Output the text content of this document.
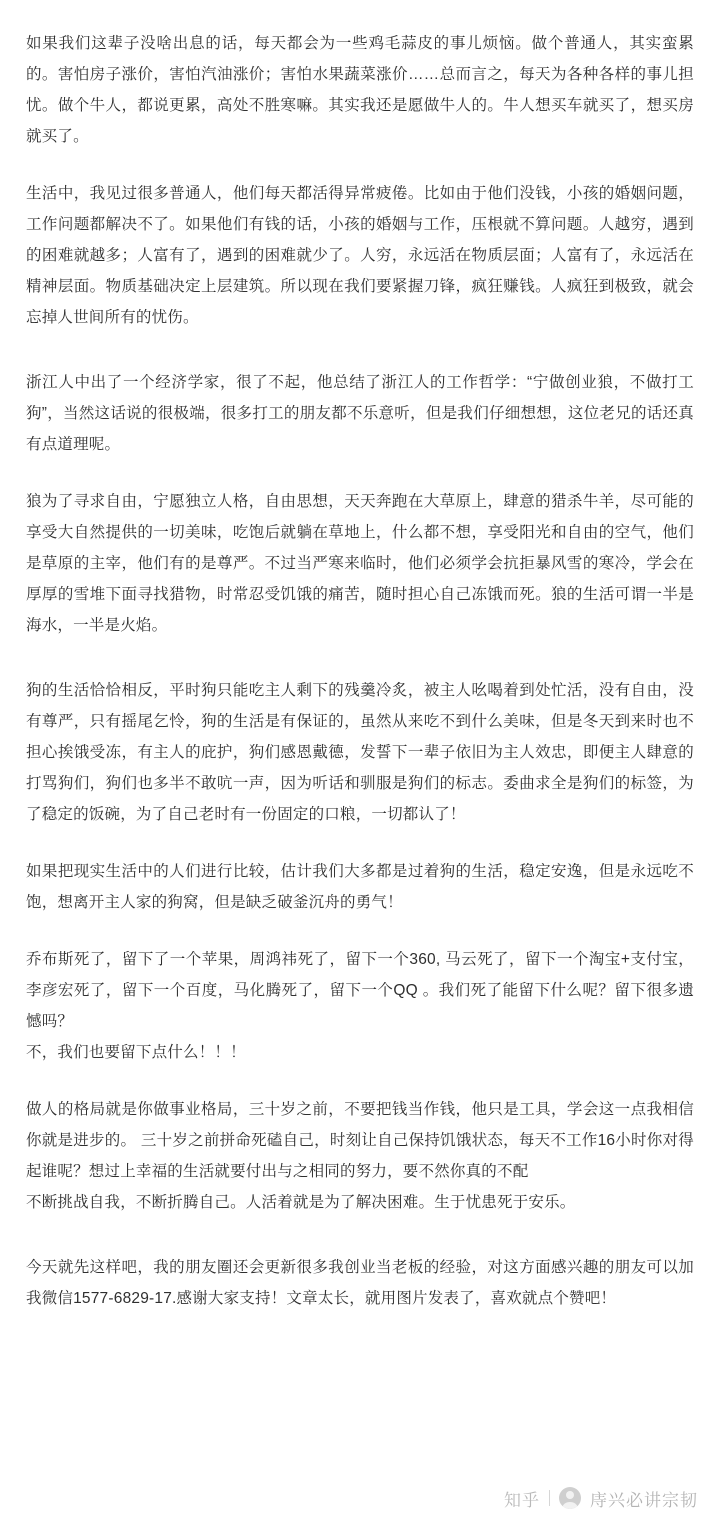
如果我们这辈子没啥出息的话，每天都会为一些鸡毛蒜皮的事儿烦恼。做个普通人，其实蛮累的。害怕房子涨价，害怕汽油涨价；害怕水果蔬菜涨价……总而言之，每天为各种各样的事儿担忧。做个牛人，都说更累，高处不胜寒嘛。其实我还是愿做牛人的。牛人想买车就买了，想买房就买了。

生活中，我见过很多普通人，他们每天都活得异常疲倦。比如由于他们没钱，小孩的婚姻问题，工作问题都解决不了。如果他们有钱的话，小孩的婚姻与工作，压根就不算问题。人越穷，遇到的困难就越多；人富有了，遇到的困难就少了。人穷，永远活在物质层面；人富有了，永远活在精神层面。物质基础决定上层建筑。所以现在我们要紧握刀锋，疯狂赚钱。人疯狂到极致，就会忘掉人世间所有的忧伤。

浙江人中出了一个经济学家，很了不起，他总结了浙江人的工作哲学：“宁做创业狼，不做打工狗”，当然这话说的很极端，很多打工的朋友都不乐意听，但是我们仔细想想，这位老兄的话还真有点道理呢。

狼为了寻求自由，宁愿独立人格，自由思想，天天奔跑在大草原上，肆意的猎杀牛羊，尽可能的享受大自然提供的一切美味，吃饱后就躺在草地上，什么都不想，享受阳光和自由的空气，他们是草原的主宰，他们有的是尊严。不过当严寒来临时，他们必须学会抗拒暴风雪的寒冷，学会在厚厚的雪堆下面寻找猎物，时常忍受饥饿的痛苦，随时担心自己冻饿而死。狼的生活可谓一半是海水，一半是火焰。

狗的生活恰恰相反，平时狗只能吃主人剩下的残羹冷炙，被主人吆喝着到处忙活，没有自由，没有尊严，只有摇尾乞怜，狗的生活是有保证的，虽然从来吃不到什么美味，但是冬天到来时也不担心挨饿受冻，有主人的庇护，狗们感恩戴德，发誓下一辈子依旧为主人效忠，即便主人肆意的打骂狗们，狗们也多半不敢吭一声，因为听话和驯服是狗们的标志。委曲求全是狗们的标签，为了稳定的饭碗，为了自己老时有一份固定的口粮，一切都认了！

如果把现实生活中的人们进行比较，估计我们大多都是过着狗的生活，稳定安逸，但是永远吃不饱，想离开主人家的狗窝，但是缺乏破釜沉舟的勇气！

乔布斯死了，留下了一个苹果，周鸿祎死了，留下一个360, 马云死了，留下一个淘宝+支付宝，李彦宏死了，留下一个百度，马化腾死了，留下一个QQ 。我们死了能留下什么呢？留下很多遗憾吗？

不，我们也要留下点什么！！！

做人的格局就是你做事业格局，三十岁之前，不要把钱当作钱，他只是工具，学会这一点我相信你就是进步的。 三十岁之前拼命死磕自己，时刻让自己保持饥饿状态，每天不工作16小时你对得起谁呢？想过上幸福的生活就要付出与之相同的努力，要不然你真的不配

不断挑战自我，不断折腾自己。人活着就是为了解决困难。生于忧患死于安乐。

今天就先这样吧，我的朋友圈还会更新很多我创业当老板的经验，对这方面感兴趣的朋友可以加我微信1577-6829-17.感谢大家支持！文章太长，就用图片发表了，喜欢就点个赞吧！

知乎	庤兴必讲宗韧
